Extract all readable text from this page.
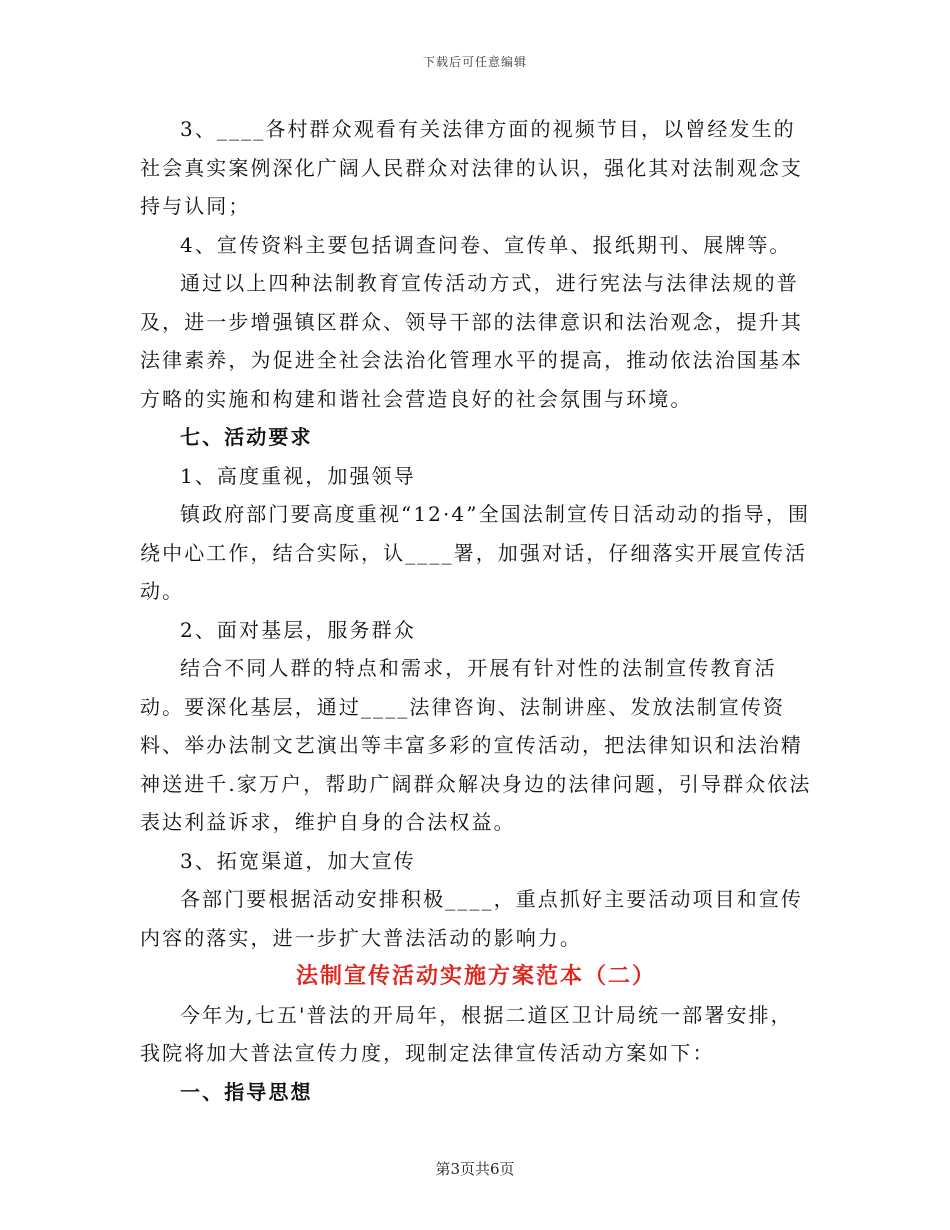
下载后可任意编辑

3、____各村群众观看有关法律方面的视频节目，以曾经发生的社会真实案例深化广阔人民群众对法律的认识，强化其对法制观念支持与认同；

4、宣传资料主要包括调查问卷、宣传单、报纸期刊、展牌等。

通过以上四种法制教育宣传活动方式，进行宪法与法律法规的普及，进一步增强镇区群众、领导干部的法律意识和法治观念，提升其法律素养，为促进全社会法治化管理水平的提高，推动依法治国基本方略的实施和构建和谐社会营造良好的社会氛围与环境。

七、活动要求

1、高度重视，加强领导

镇政府部门要高度重视“12·4”全国法制宣传日活动动的指导，围绕中心工作，结合实际，认____署，加强对话，仔细落实开展宣传活动。

2、面对基层，服务群众

结合不同人群的特点和需求，开展有针对性的法制宣传教育活动。要深化基层，通过____法律咨询、法制讲座、发放法制宣传资料、举办法制文艺演出等丰富多彩的宣传活动，把法律知识和法治精神送进千.家万户，帮助广阔群众解决身边的法律问题，引导群众依法表达利益诉求，维护自身的合法权益。

3、拓宽渠道，加大宣传

各部门要根据活动安排积极____，重点抓好主要活动项目和宣传内容的落实，进一步扩大普法活动的影响力。

法制宣传活动实施方案范本（二）

今年为,七五'普法的开局年，根据二道区卫计局统一部署安排，我院将加大普法宣传力度，现制定法律宣传活动方案如下：

一、指导思想

第3页共6页
